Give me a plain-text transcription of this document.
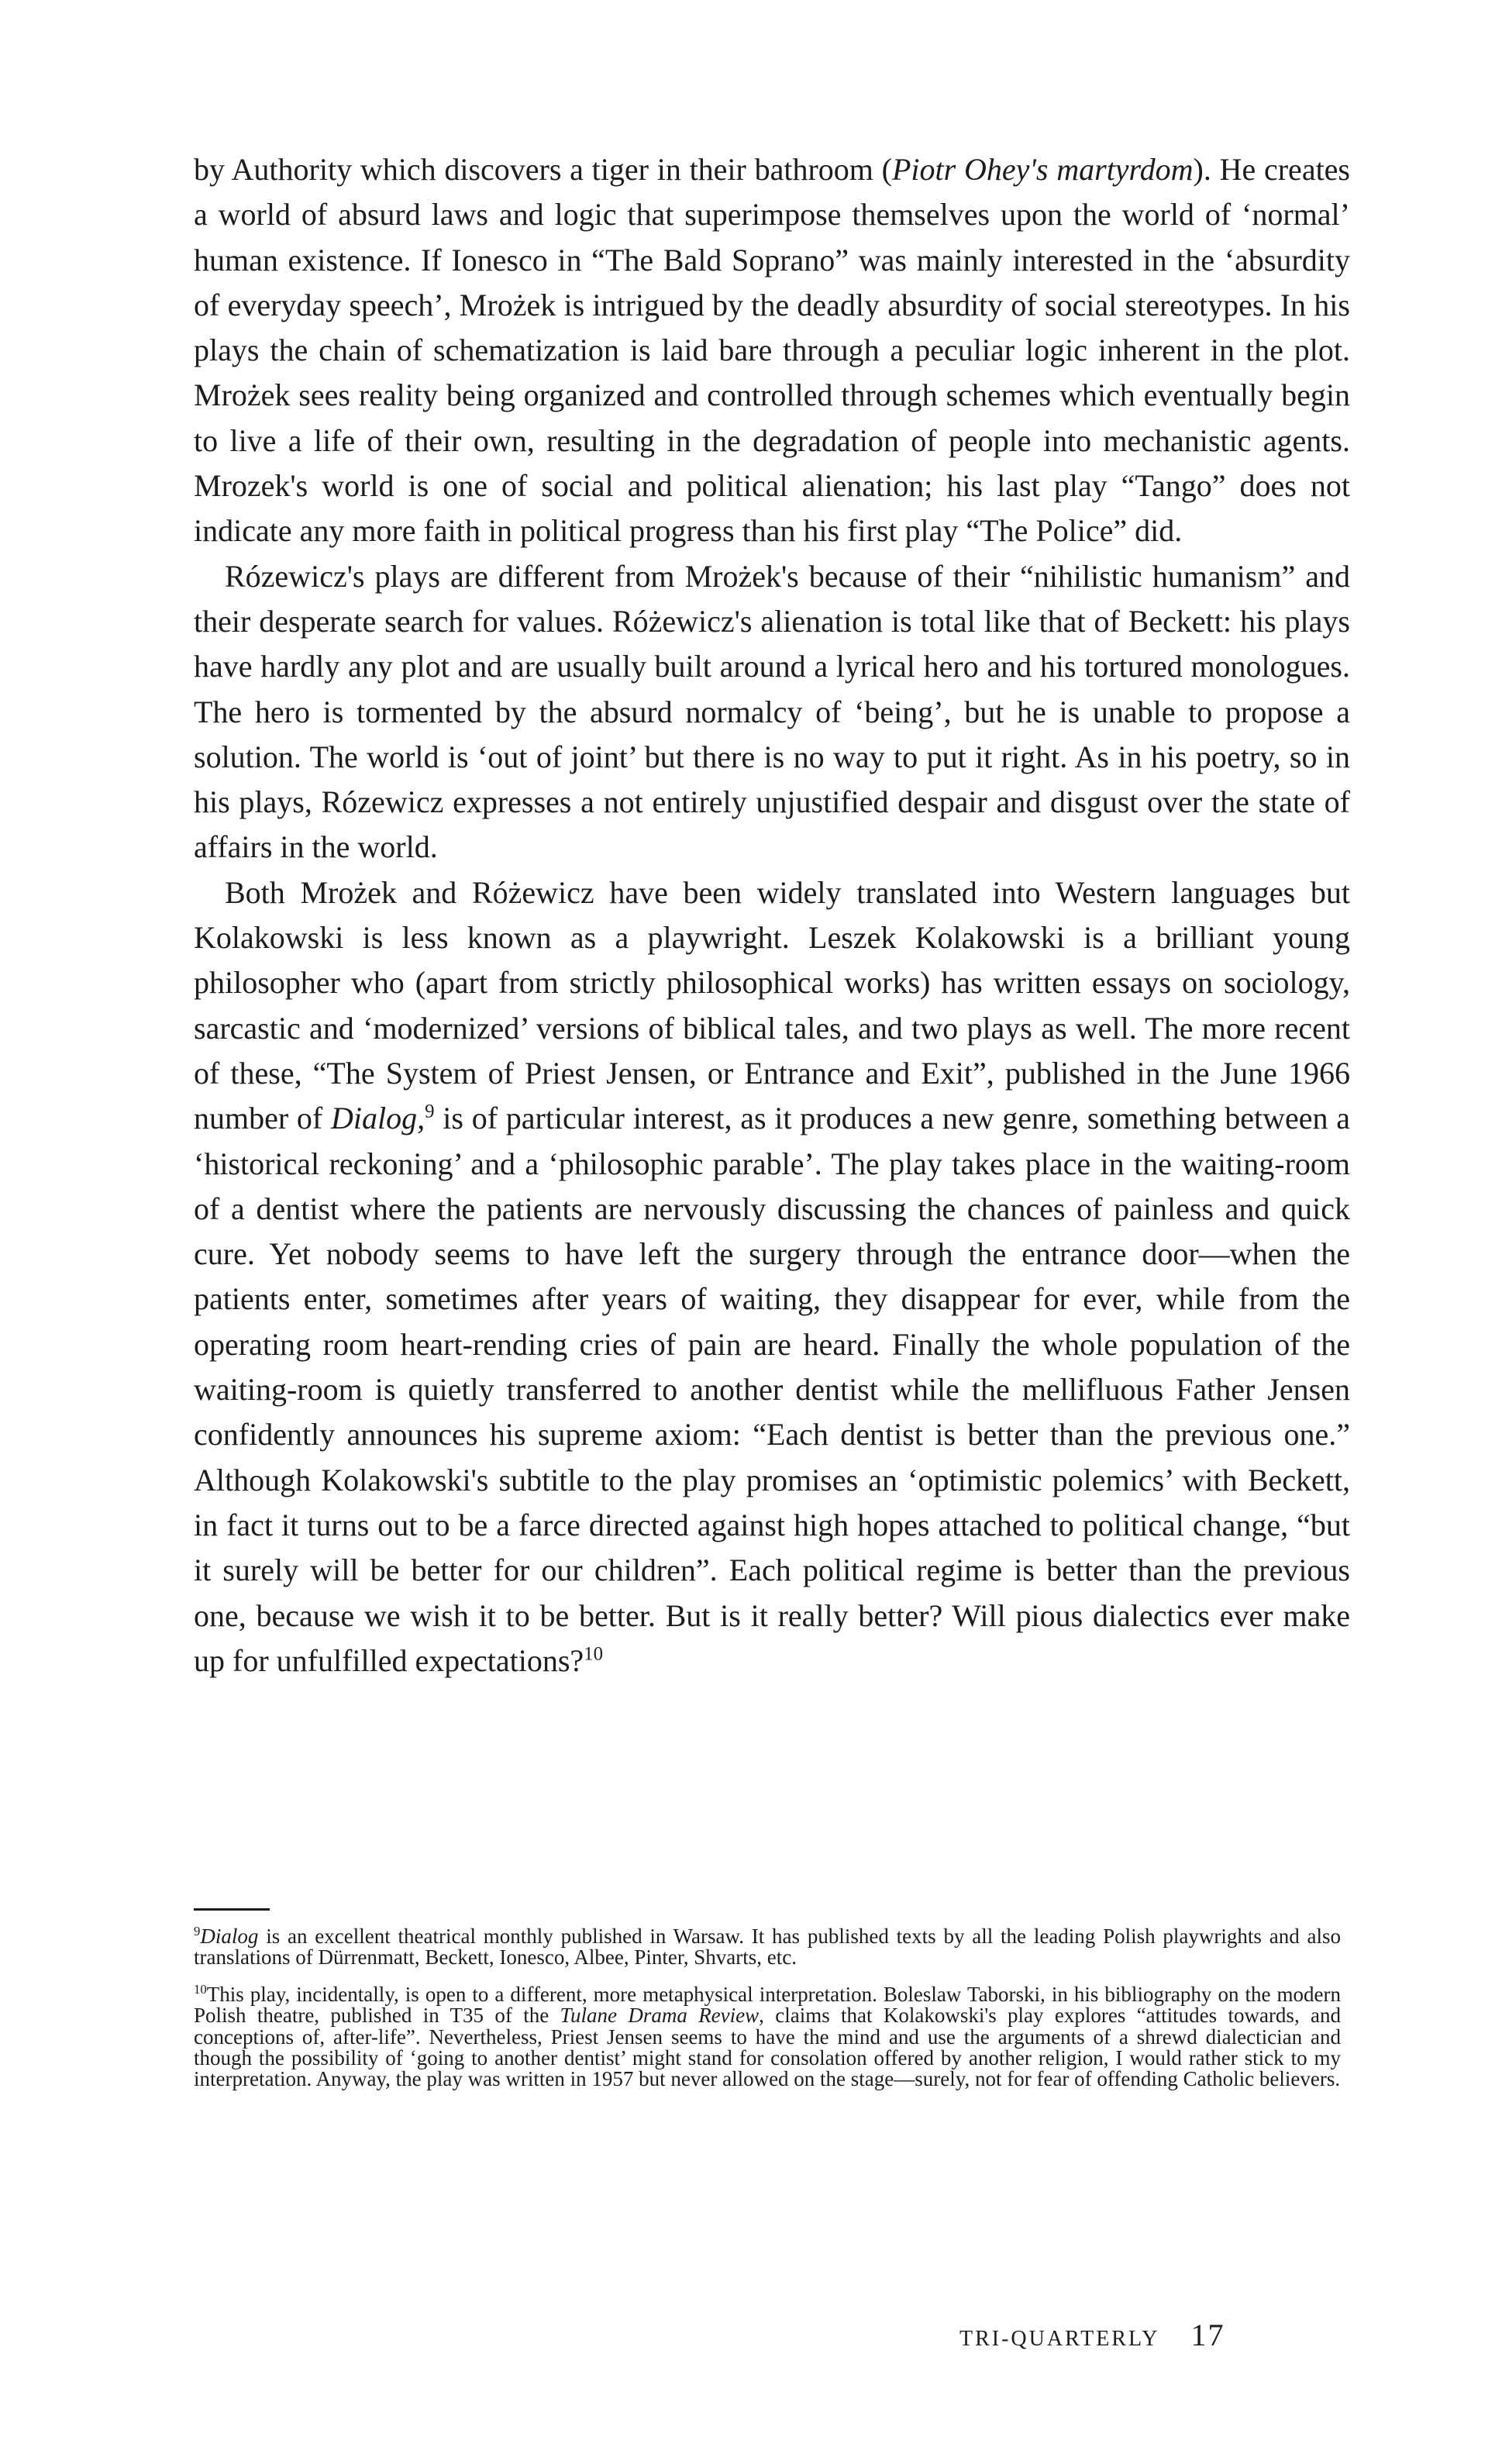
by Authority which discovers a tiger in their bathroom (Piotr Ohey's martyrdom). He creates a world of absurd laws and logic that superimpose themselves upon the world of ‘normal’ human existence. If Ionesco in “The Bald Soprano” was mainly interested in the ‘absurdity of everyday speech’, Mrożek is intrigued by the deadly absurdity of social stereotypes. In his plays the chain of schematization is laid bare through a peculiar logic inherent in the plot. Mrożek sees reality being organized and controlled through schemes which eventually begin to live a life of their own, resulting in the degradation of people into mechanistic agents. Mrozek's world is one of social and political alienation; his last play “Tango” does not indicate any more faith in political progress than his first play “The Police” did.

Rózewicz's plays are different from Mrożek's because of their “nihilistic humanism” and their desperate search for values. Różewicz's alienation is total like that of Beckett: his plays have hardly any plot and are usually built around a lyrical hero and his tortured monologues. The hero is tormented by the absurd normalcy of ‘being’, but he is unable to propose a solution. The world is ‘out of joint’ but there is no way to put it right. As in his poetry, so in his plays, Rózewicz expresses a not entirely unjustified despair and disgust over the state of affairs in the world.

Both Mrożek and Różewicz have been widely translated into Western languages but Kolakowski is less known as a playwright. Leszek Kolakowski is a brilliant young philosopher who (apart from strictly philosophical works) has written essays on sociology, sarcastic and ‘modernized’ versions of biblical tales, and two plays as well. The more recent of these, “The System of Priest Jensen, or Entrance and Exit”, published in the June 1966 number of Dialog,$^9$ is of particular interest, as it produces a new genre, something between a ‘historical reckoning’ and a ‘philosophic parable’. The play takes place in the waiting-room of a dentist where the patients are nervously discussing the chances of painless and quick cure. Yet nobody seems to have left the surgery through the entrance door—when the patients enter, sometimes after years of waiting, they disappear for ever, while from the operating room heart-rending cries of pain are heard. Finally the whole population of the waiting-room is quietly transferred to another dentist while the mellifluous Father Jensen confidently announces his supreme axiom: “Each dentist is better than the previous one.” Although Kolakowski's subtitle to the play promises an ‘optimistic polemics’ with Beckett, in fact it turns out to be a farce directed against high hopes attached to political change, “but it surely will be better for our children”. Each political regime is better than the previous one, because we wish it to be better. But is it really better? Will pious dialectics ever make up for unfulfilled expectations?$^{10}$

$^9$Dialog is an excellent theatrical monthly published in Warsaw. It has published texts by all the leading Polish playwrights and also translations of Dürrenmatt, Beckett, Ionesco, Albee, Pinter, Shvarts, etc.

$^{10}$This play, incidentally, is open to a different, more metaphysical interpretation. Boleslaw Taborski, in his bibliography on the modern Polish theatre, published in T35 of the Tulane Drama Review, claims that Kolakowski's play explores “attitudes towards, and conceptions of, after-life”. Nevertheless, Priest Jensen seems to have the mind and use the arguments of a shrewd dialectician and though the possibility of ‘going to another dentist’ might stand for consolation offered by another religion, I would rather stick to my interpretation. Anyway, the play was written in 1957 but never allowed on the stage—surely, not for fear of offending Catholic believers.

TRI-QUARTERLY 17
